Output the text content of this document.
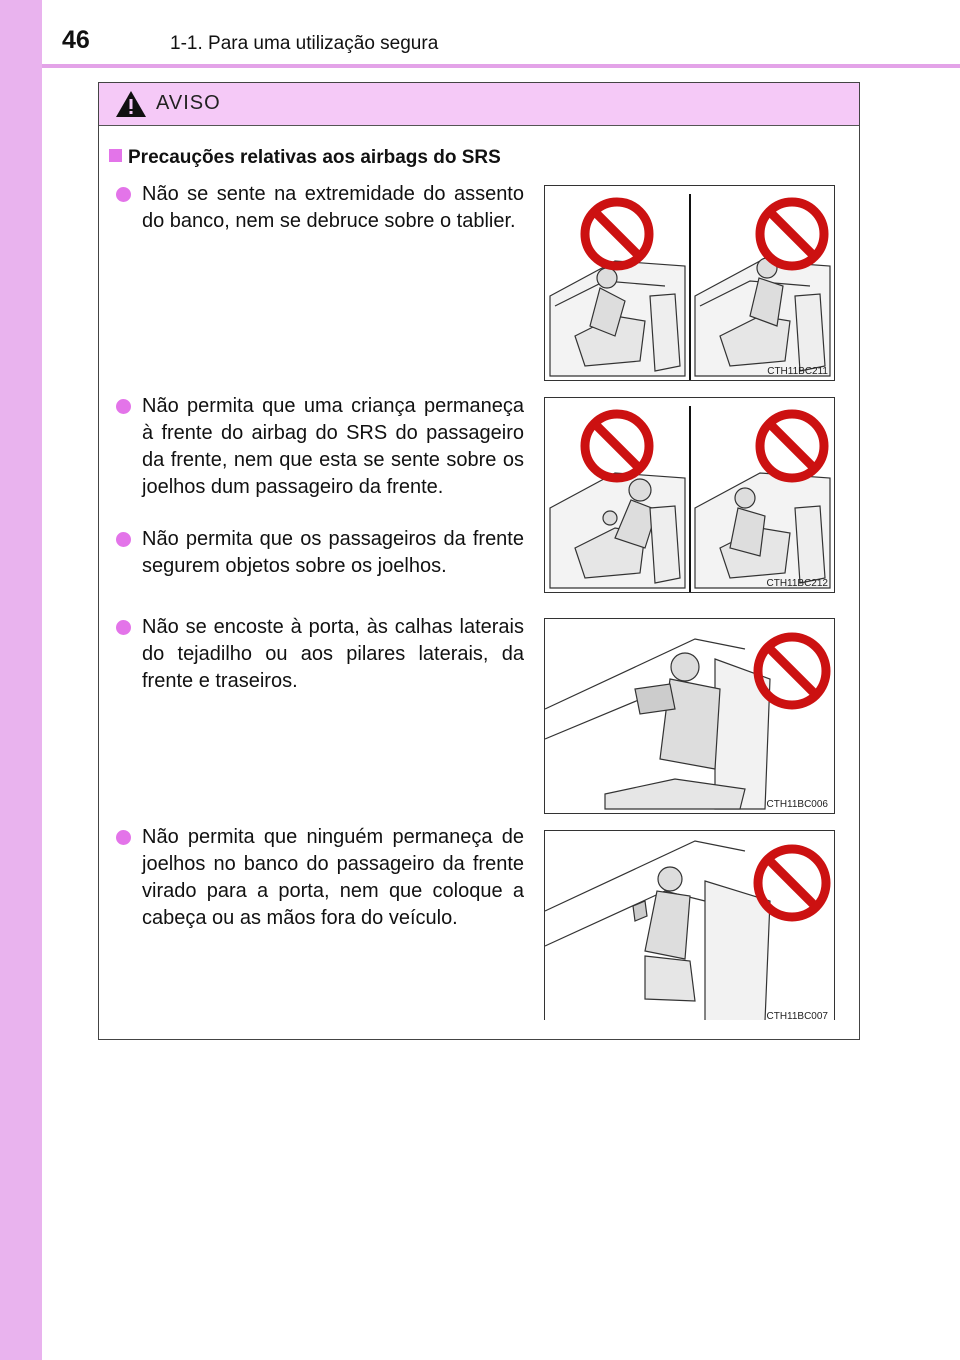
46	1-1. Para uma utilização segura
AVISO
Precauções relativas aos airbags do SRS
Não se sente na extremidade do assento do banco, nem se debruce sobre o tablier.
Não permita que uma criança permaneça à frente do airbag do SRS do passageiro da frente, nem que esta se sente sobre os joelhos dum passageiro da frente.
Não permita que os passageiros da frente segurem objetos sobre os joelhos.
Não se encoste à porta, às calhas laterais do tejadilho ou aos pilares laterais, da frente e traseiros.
Não permita que ninguém permaneça de joelhos no banco do passageiro da frente virado para a porta, nem que coloque a cabeça ou as mãos fora do veículo.
CTH11BC211
CTH11BC212
CTH11BC006
CTH11BC007
